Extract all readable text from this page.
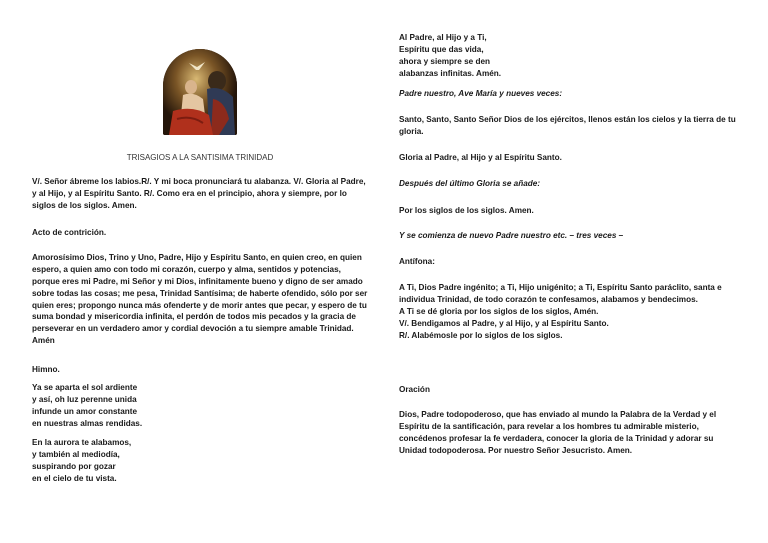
TRISAGIOS A LA SANTISIMA TRINIDAD

V/. Señor ábreme los labios.R/. Y mi boca pronunciará tu alabanza. V/. Gloria al Padre, y al Hijo, y al Espíritu Santo. R/. Como era en el principio, ahora y siempre, por lo siglos de los siglos. Amen.

Acto de contrición.

Amorosísimo Dios, Trino y Uno, Padre, Hijo y Espíritu Santo, en quien creo, en quien espero, a quien amo con todo mi corazón, cuerpo y alma, sentidos y potencias, porque eres mi Padre, mi Señor y mi Dios, infinitamente bueno y digno de ser amado sobre todas las cosas; me pesa, Trinidad Santísima; de haberte ofendido, sólo por ser quien eres; propongo nunca más ofenderte y de morir antes que pecar, y espero de tu suma bondad y misericordia infinita, el perdón de todos mis pecados y la gracia de perseverar en un verdadero amor y cordial devoción a tu siempre amable Trinidad. Amén

Himno.

Ya se aparta el sol ardiente

y así, oh luz perenne unida

infunde un amor constante

en nuestras almas rendidas.

En la aurora te alabamos,

y también al mediodía,

suspirando por gozar

en el cielo de tu vista.

Al Padre, al Hijo y a Ti,

Espíritu que das vida,

ahora y siempre se den

alabanzas infinitas. Amén.

Padre nuestro, Ave María y nueves veces:

Santo, Santo, Santo Señor Dios de los ejércitos, llenos están los cielos y la tierra de tu gloria.

Gloria al Padre, al Hijo y al Espíritu Santo.

Después del último Gloria se añade:

Por los siglos de los siglos. Amen.

Y se comienza de nuevo Padre nuestro etc. – tres veces –

Antífona:

A Ti, Dios Padre ingénito; a Ti, Hijo unigénito; a Ti, Espíritu Santo paráclito, santa e individua Trinidad, de todo corazón te confesamos, alabamos y bendecimos.

A Ti se dé gloria por los siglos de los siglos, Amén.

V/. Bendigamos al Padre, y al Hijo, y al Espíritu Santo.

R/. Alabémosle por lo siglos de los siglos.

Oración

Dios, Padre todopoderoso, que has enviado al mundo la Palabra de la Verdad y el Espíritu de la santificación, para revelar a los hombres tu admirable misterio, concédenos profesar la fe verdadera, conocer la gloria de la Trinidad y adorar su Unidad todopoderosa. Por nuestro Señor Jesucristo. Amen.
